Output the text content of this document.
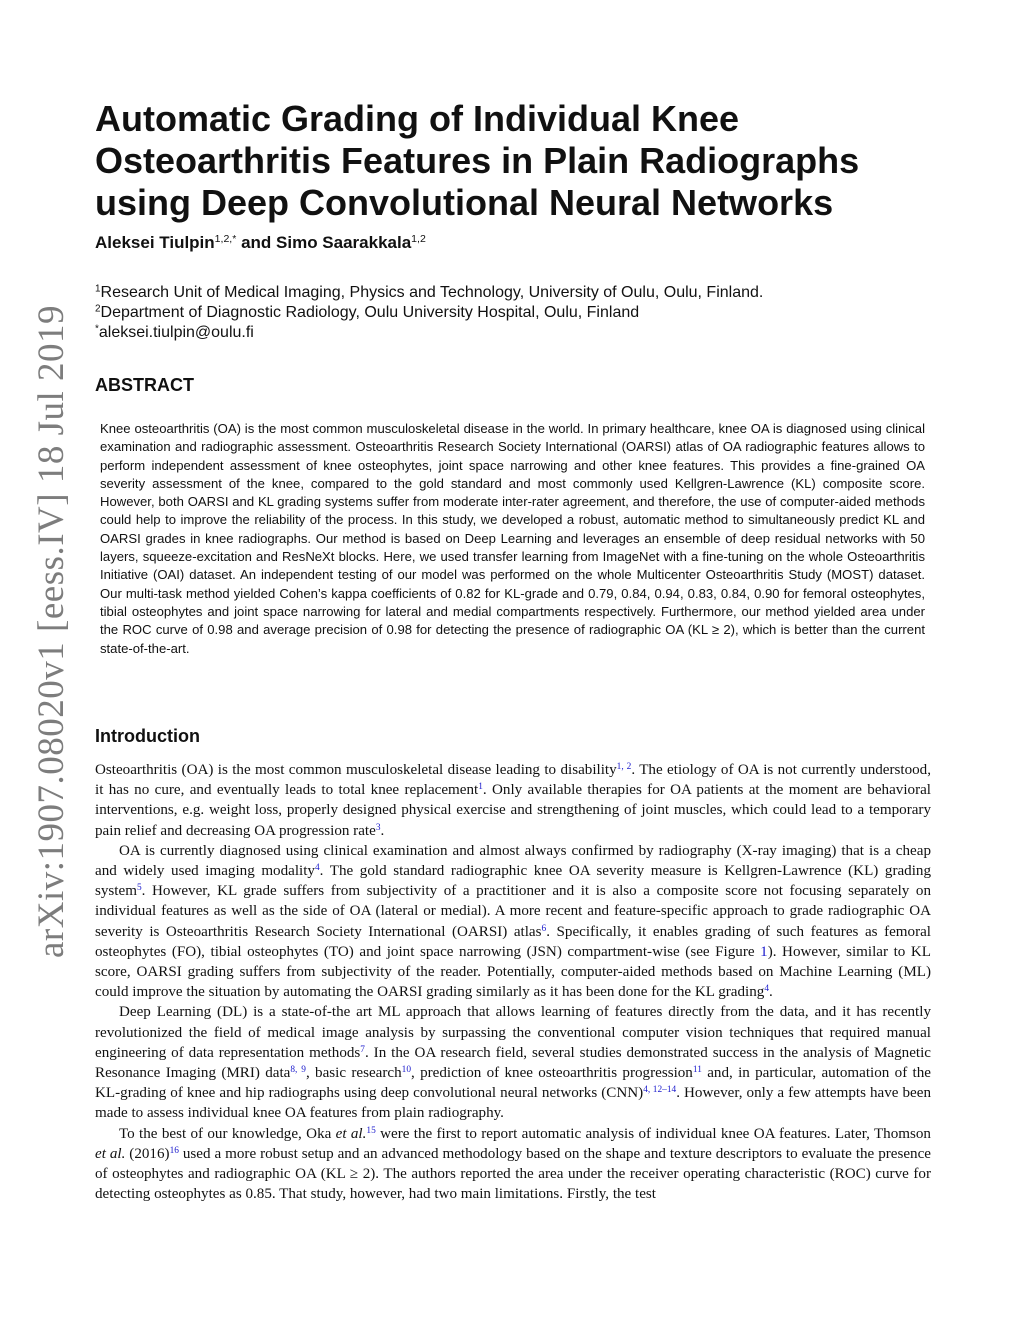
arXiv:1907.08020v1 [eess.IV] 18 Jul 2019
Automatic Grading of Individual Knee Osteoarthritis Features in Plain Radiographs using Deep Convolutional Neural Networks
Aleksei Tiulpin$^{1,2,*}$ and Simo Saarakkala$^{1,2}$
$^1$Research Unit of Medical Imaging, Physics and Technology, University of Oulu, Oulu, Finland.
$^2$Department of Diagnostic Radiology, Oulu University Hospital, Oulu, Finland
*aleksei.tiulpin@oulu.fi
ABSTRACT

Knee osteoarthritis (OA) is the most common musculoskeletal disease in the world. In primary healthcare, knee OA is diagnosed using clinical examination and radiographic assessment. Osteoarthritis Research Society International (OARSI) atlas of OA radiographic features allows to perform independent assessment of knee osteophytes, joint space narrowing and other knee features. This provides a fine-grained OA severity assessment of the knee, compared to the gold standard and most commonly used Kellgren-Lawrence (KL) composite score. However, both OARSI and KL grading systems suffer from moderate inter-rater agreement, and therefore, the use of computer-aided methods could help to improve the reliability of the process. In this study, we developed a robust, automatic method to simultaneously predict KL and OARSI grades in knee radiographs. Our method is based on Deep Learning and leverages an ensemble of deep residual networks with 50 layers, squeeze-excitation and ResNeXt blocks. Here, we used transfer learning from ImageNet with a fine-tuning on the whole Osteoarthritis Initiative (OAI) dataset. An independent testing of our model was performed on the whole Multicenter Osteoarthritis Study (MOST) dataset. Our multi-task method yielded Cohen’s kappa coefficients of 0.82 for KL-grade and 0.79, 0.84, 0.94, 0.83, 0.84, 0.90 for femoral osteophytes, tibial osteophytes and joint space narrowing for lateral and medial compartments respectively. Furthermore, our method yielded area under the ROC curve of 0.98 and average precision of 0.98 for detecting the presence of radiographic OA (KL ≥ 2), which is better than the current state-of-the-art.

Introduction

Osteoarthritis (OA) is the most common musculoskeletal disease leading to disability$^{1, 2}$. The etiology of OA is not currently understood, it has no cure, and eventually leads to total knee replacement$^1$. Only available therapies for OA patients at the moment are behavioral interventions, e.g. weight loss, properly designed physical exercise and strengthening of joint muscles, which could lead to a temporary pain relief and decreasing OA progression rate$^3$.

OA is currently diagnosed using clinical examination and almost always confirmed by radiography (X-ray imaging) that is a cheap and widely used imaging modality$^4$. The gold standard radiographic knee OA severity measure is Kellgren-Lawrence (KL) grading system$^5$. However, KL grade suffers from subjectivity of a practitioner and it is also a composite score not focusing separately on individual features as well as the side of OA (lateral or medial). A more recent and feature-specific approach to grade radiographic OA severity is Osteoarthritis Research Society International (OARSI) atlas$^6$. Specifically, it enables grading of such features as femoral osteophytes (FO), tibial osteophytes (TO) and joint space narrowing (JSN) compartment-wise (see Figure 1). However, similar to KL score, OARSI grading suffers from subjectivity of the reader. Potentially, computer-aided methods based on Machine Learning (ML) could improve the situation by automating the OARSI grading similarly as it has been done for the KL grading$^4$.

Deep Learning (DL) is a state-of-the art ML approach that allows learning of features directly from the data, and it has recently revolutionized the field of medical image analysis by surpassing the conventional computer vision techniques that required manual engineering of data representation methods$^7$. In the OA research field, several studies demonstrated success in the analysis of Magnetic Resonance Imaging (MRI) data$^{8, 9}$, basic research$^{10}$, prediction of knee osteoarthritis progression$^{11}$ and, in particular, automation of the KL-grading of knee and hip radiographs using deep convolutional neural networks (CNN)$^{4, 12-14}$. However, only a few attempts have been made to assess individual knee OA features from plain radiography.

To the best of our knowledge, Oka et al.$^{15}$ were the first to report automatic analysis of individual knee OA features. Later, Thomson et al. (2016)$^{16}$ used a more robust setup and an advanced methodology based on the shape and texture descriptors to evaluate the presence of osteophytes and radiographic OA (KL ≥ 2). The authors reported the area under the receiver operating characteristic (ROC) curve for detecting osteophytes as 0.85. That study, however, had two main limitations. Firstly, the test
